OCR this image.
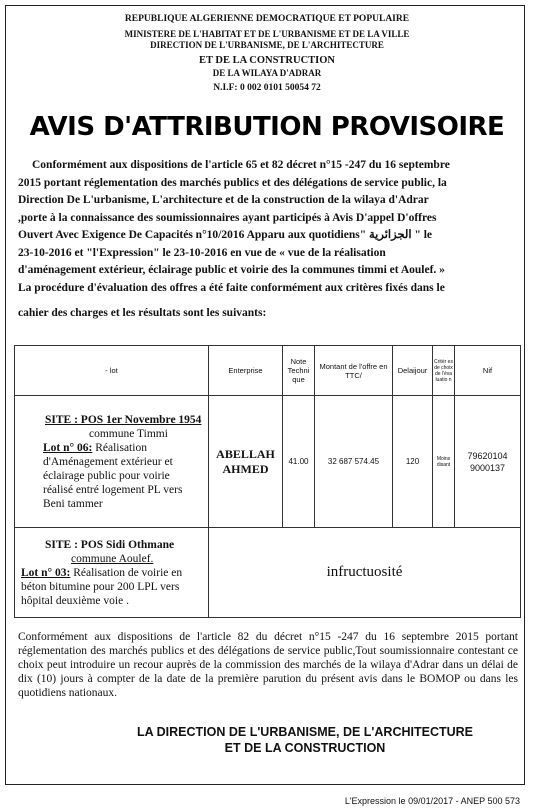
REPUBLIQUE ALGERIENNE DEMOCRATIQUE ET POPULAIRE
MINISTERE DE L'HABITAT ET DE L'URBANISME ET DE LA VILLE
DIRECTION DE L'URBANISME, DE L'ARCHITECTURE
ET DE LA CONSTRUCTION
DE LA WILAYA D'ADRAR
N.I.F: 0 002 0101 50054 72
AVIS D'ATTRIBUTION PROVISOIRE
Conformément aux dispositions de l'article 65 et 82 décret n°15 -247 du 16 septembre
2015 portant réglementation des marchés publics et des délégations de service public, la
Direction De L'urbanisme, L'architecture et de la construction de la wilaya d'Adrar
,porte à la connaissance des soumissionnaires ayant participés à Avis D'appel D'offres
Ouvert Avec Exigence De Capacités n°10/2016 Apparu aux quotidiens" الجزائرية " le
23-10-2016 et "l'Expression" le 23-10-2016 en vue de « vue de la réalisation
d'aménagement extérieur, éclairage public et voirie des la communes timmi et Aoulef. »
La procédure d'évaluation des offres a été faite conformément aux critères fixés dans le
cahier des charges et les résultats sont les suivants:
- lot	Enterprise	Note Techni que	Montant de l'offre en TTC/	Delaijour	Critèr es de choix de l'éva luatio n	Nif

SITE : POS 1er Novembre 1954
commune Timmi
Lot n° 06: Réalisation d'Aménagement extérieur et éclairage public pour voirie réalisé entré logement PL vers Beni tammer	ABELLAH AHMED	41.00	32 687 574.45	120	Moins disant	79620104 9000137

SITE : POS Sidi Othmane
commune Aoulef.
Lot n° 03: Réalisation de voirie en béton bitumine pour 200 LPL vers hôpital deuxième voie .	infructuosité					
Conformément aux dispositions de l'article 82 du décret n°15 -247 du 16 septembre 2015 portant réglementation des marchés publics et des délégations de service public,Tout soumissionnaire contestant ce choix peut introduire un recour auprès de la commission des marchés de la wilaya d'Adrar dans un délai de dix (10) jours à compter de la date de la première parution du présent avis dans le BOMOP ou dans les quotidiens nationaux.
LA DIRECTION DE L'URBANISME, DE L'ARCHITECTURE
ET DE LA CONSTRUCTION
L'Expression le 09/01/2017 - ANEP 500 573
